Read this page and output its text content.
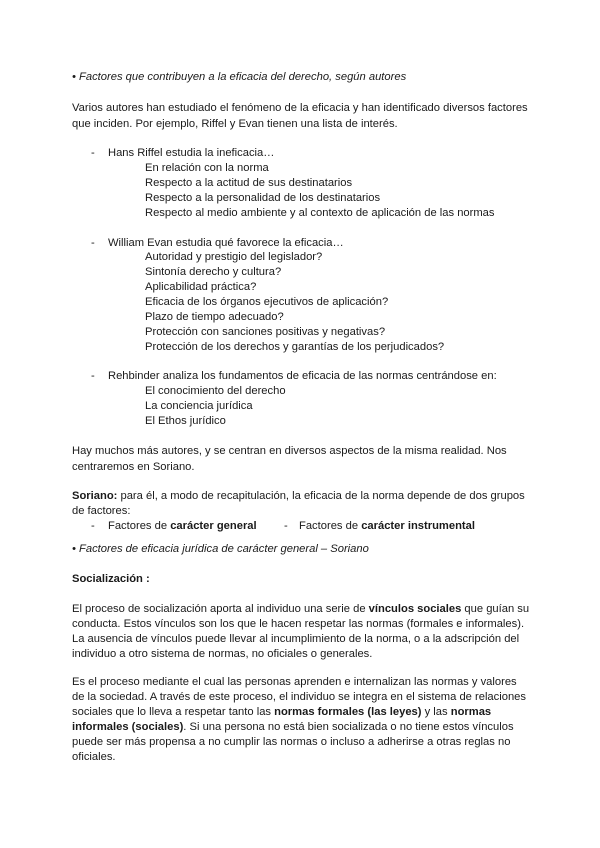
• Factores que contribuyen a la eficacia del derecho, según autores
Varios autores han estudiado el fenómeno de la eficacia y han identificado diversos factores
que inciden. Por ejemplo, Riffel y Evan tienen una lista de interés.
- Hans Riffel estudia la ineficacia…
En relación con la norma
Respecto a la actitud de sus destinatarios
Respecto a la personalidad de los destinatarios
Respecto al medio ambiente y al contexto de aplicación de las normas
- William Evan estudia qué favorece la eficacia…
Autoridad y prestigio del legislador?
Sintonía derecho y cultura?
Aplicabilidad práctica?
Eficacia de los órganos ejecutivos de aplicación?
Plazo de tiempo adecuado?
Protección con sanciones positivas y negativas?
Protección de los derechos y garantías de los perjudicados?
- Rehbinder analiza los fundamentos de eficacia de las normas centrándose en:
El conocimiento del derecho
La conciencia jurídica
El Ethos jurídico
Hay muchos más autores, y se centran en diversos aspectos de la misma realidad. Nos
centraremos en Soriano.
Soriano: para él, a modo de recapitulación, la eficacia de la norma depende de dos grupos
de factores:
- Factores de carácter general - Factores de carácter instrumental
• Factores de eficacia jurídica de carácter general – Soriano
Socialización :
El proceso de socialización aporta al individuo una serie de vínculos sociales que guían su
conducta. Estos vínculos son los que le hacen respetar las normas (formales e informales).
La ausencia de vínculos puede llevar al incumplimiento de la norma, o a la adscripción del
individuo a otro sistema de normas, no oficiales o generales.
Es el proceso mediante el cual las personas aprenden e internalizan las normas y valores
de la sociedad. A través de este proceso, el individuo se integra en el sistema de relaciones
sociales que lo lleva a respetar tanto las normas formales (las leyes) y las normas
informales (sociales). Si una persona no está bien socializada o no tiene estos vínculos
puede ser más propensa a no cumplir las normas o incluso a adherirse a otras reglas no
oficiales.
